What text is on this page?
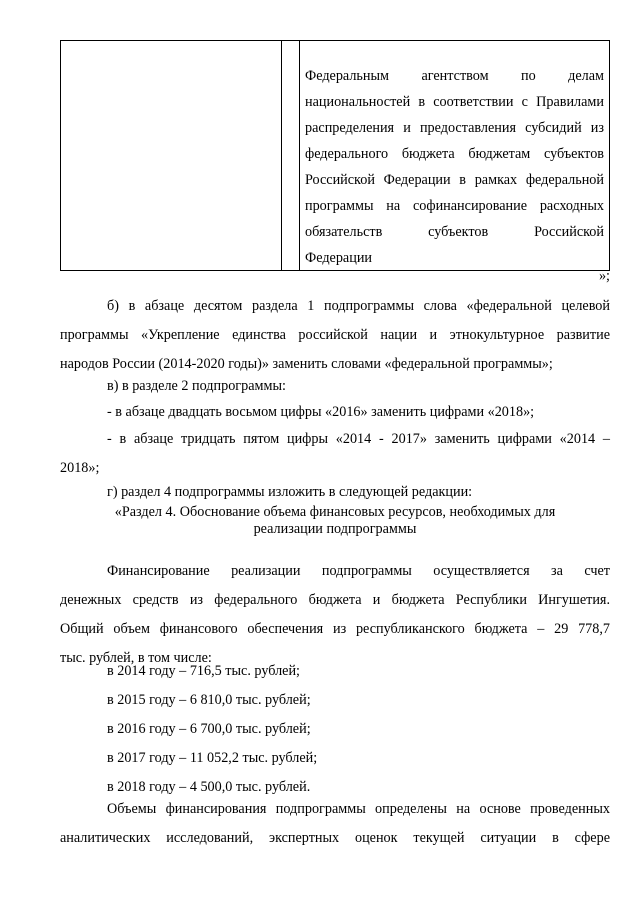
Федеральным агентством по делам
национальностей в соответствии с Правилами
распределения и предоставления субсидий из
федерального бюджета бюджетам субъектов
Российской Федерации в рамках федеральной
программы на софинансирование расходных
обязательств субъектов Российской
Федерации
»;
б) в абзаце десятом раздела 1 подпрограммы слова «федеральной целевой
программы «Укрепление единства российской нации и этнокультурное развитие
народов России (2014-2020 годы)» заменить словами «федеральной программы»;
в) в разделе 2 подпрограммы:
- в абзаце двадцать восьмом цифры «2016» заменить цифрами «2018»;
- в абзаце тридцать пятом цифры «2014 - 2017» заменить цифрами «2014 –
2018»;
г) раздел 4 подпрограммы изложить в следующей редакции:
«Раздел 4. Обоснование объема финансовых ресурсов, необходимых для
реализации подпрограммы
Финансирование реализации подпрограммы осуществляется за счет
денежных средств из федерального бюджета и бюджета Республики Ингушетия.
Общий объем финансового обеспечения из республиканского бюджета – 29 778,7
тыс. рублей, в том числе:
в 2014 году – 716,5 тыс. рублей;
в 2015 году – 6 810,0 тыс. рублей;
в 2016 году – 6 700,0 тыс. рублей;
в 2017 году – 11 052,2 тыс. рублей;
в 2018 году – 4 500,0 тыс. рублей.
Объемы финансирования подпрограммы определены на основе проведенных
аналитических исследований, экспертных оценок текущей ситуации в сфере
